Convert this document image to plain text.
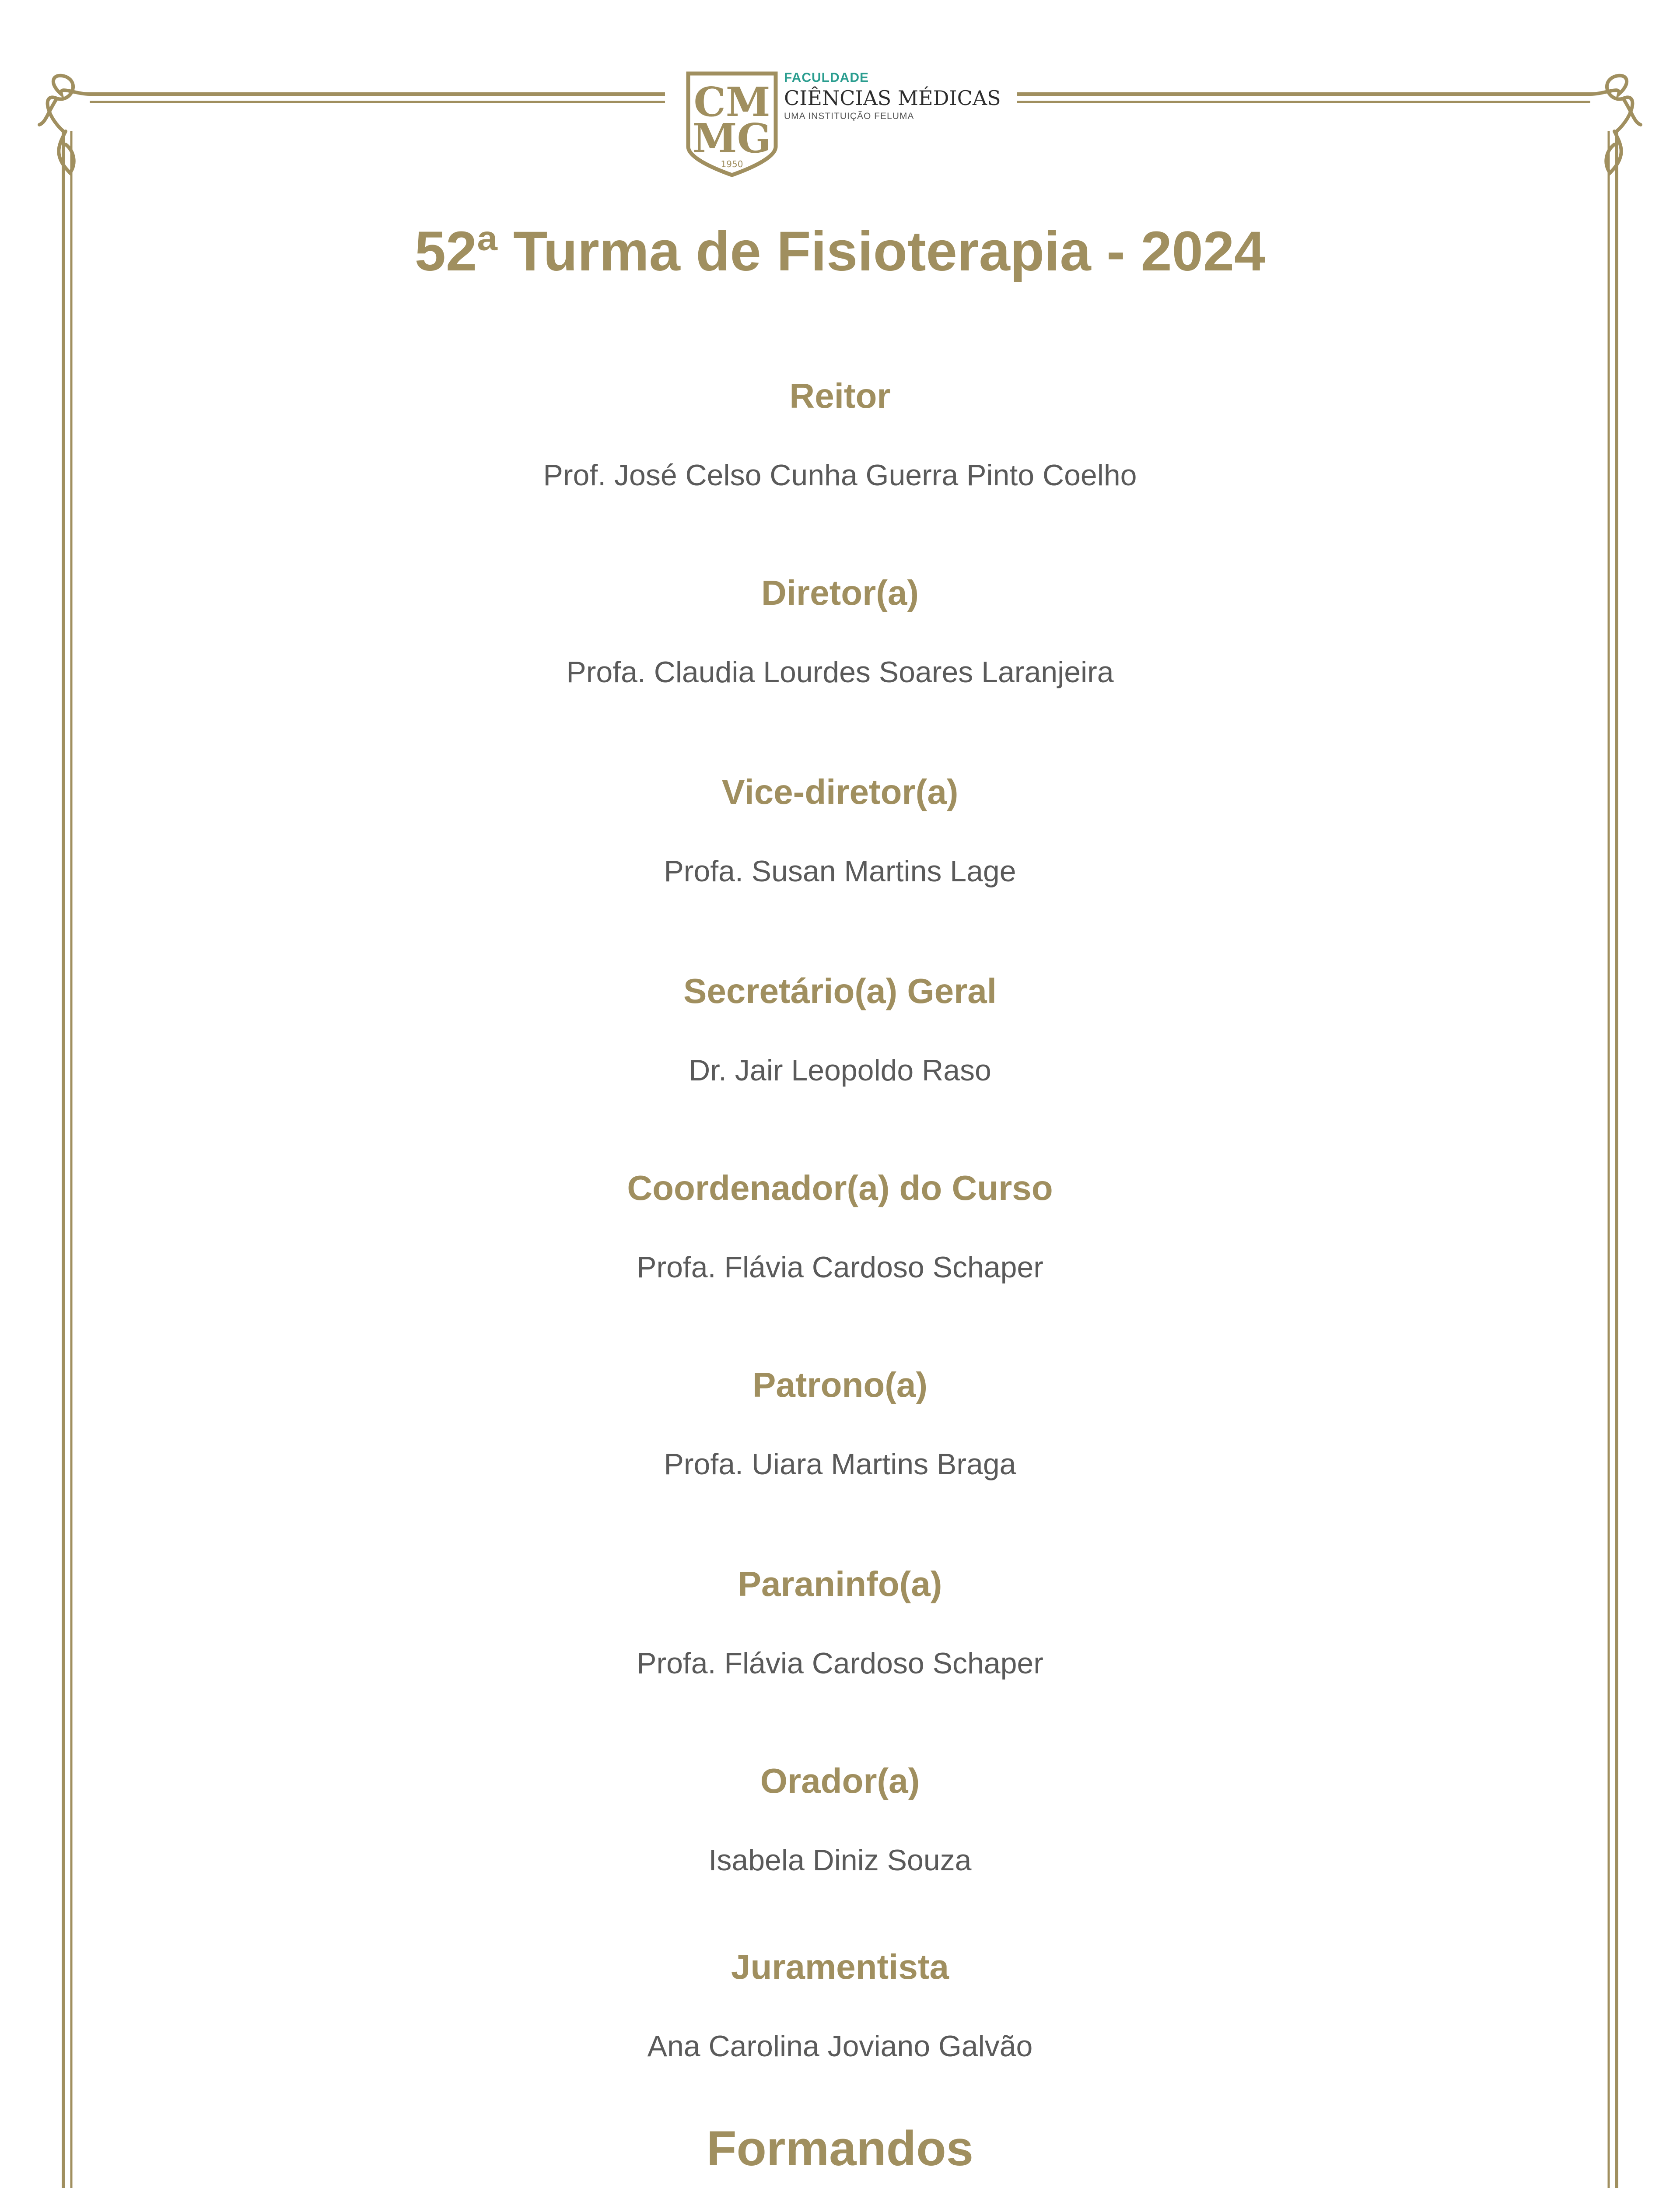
CM
MG
1950
FACULDADE
CIÊNCIAS MÉDICAS
UMA INSTITUIÇÃO FELUMA
52ª Turma de Fisioterapia - 2024
Reitor
Prof. José Celso Cunha Guerra Pinto Coelho
Diretor(a)
Profa. Claudia Lourdes Soares Laranjeira
Vice-diretor(a)
Profa. Susan Martins Lage
Secretário(a) Geral
Dr. Jair Leopoldo Raso
Coordenador(a) do Curso
Profa. Flávia Cardoso Schaper
Patrono(a)
Profa. Uiara Martins Braga
Paraninfo(a)
Profa. Flávia Cardoso Schaper
Orador(a)
Isabela Diniz Souza
Juramentista
Ana Carolina Joviano Galvão
Formandos
